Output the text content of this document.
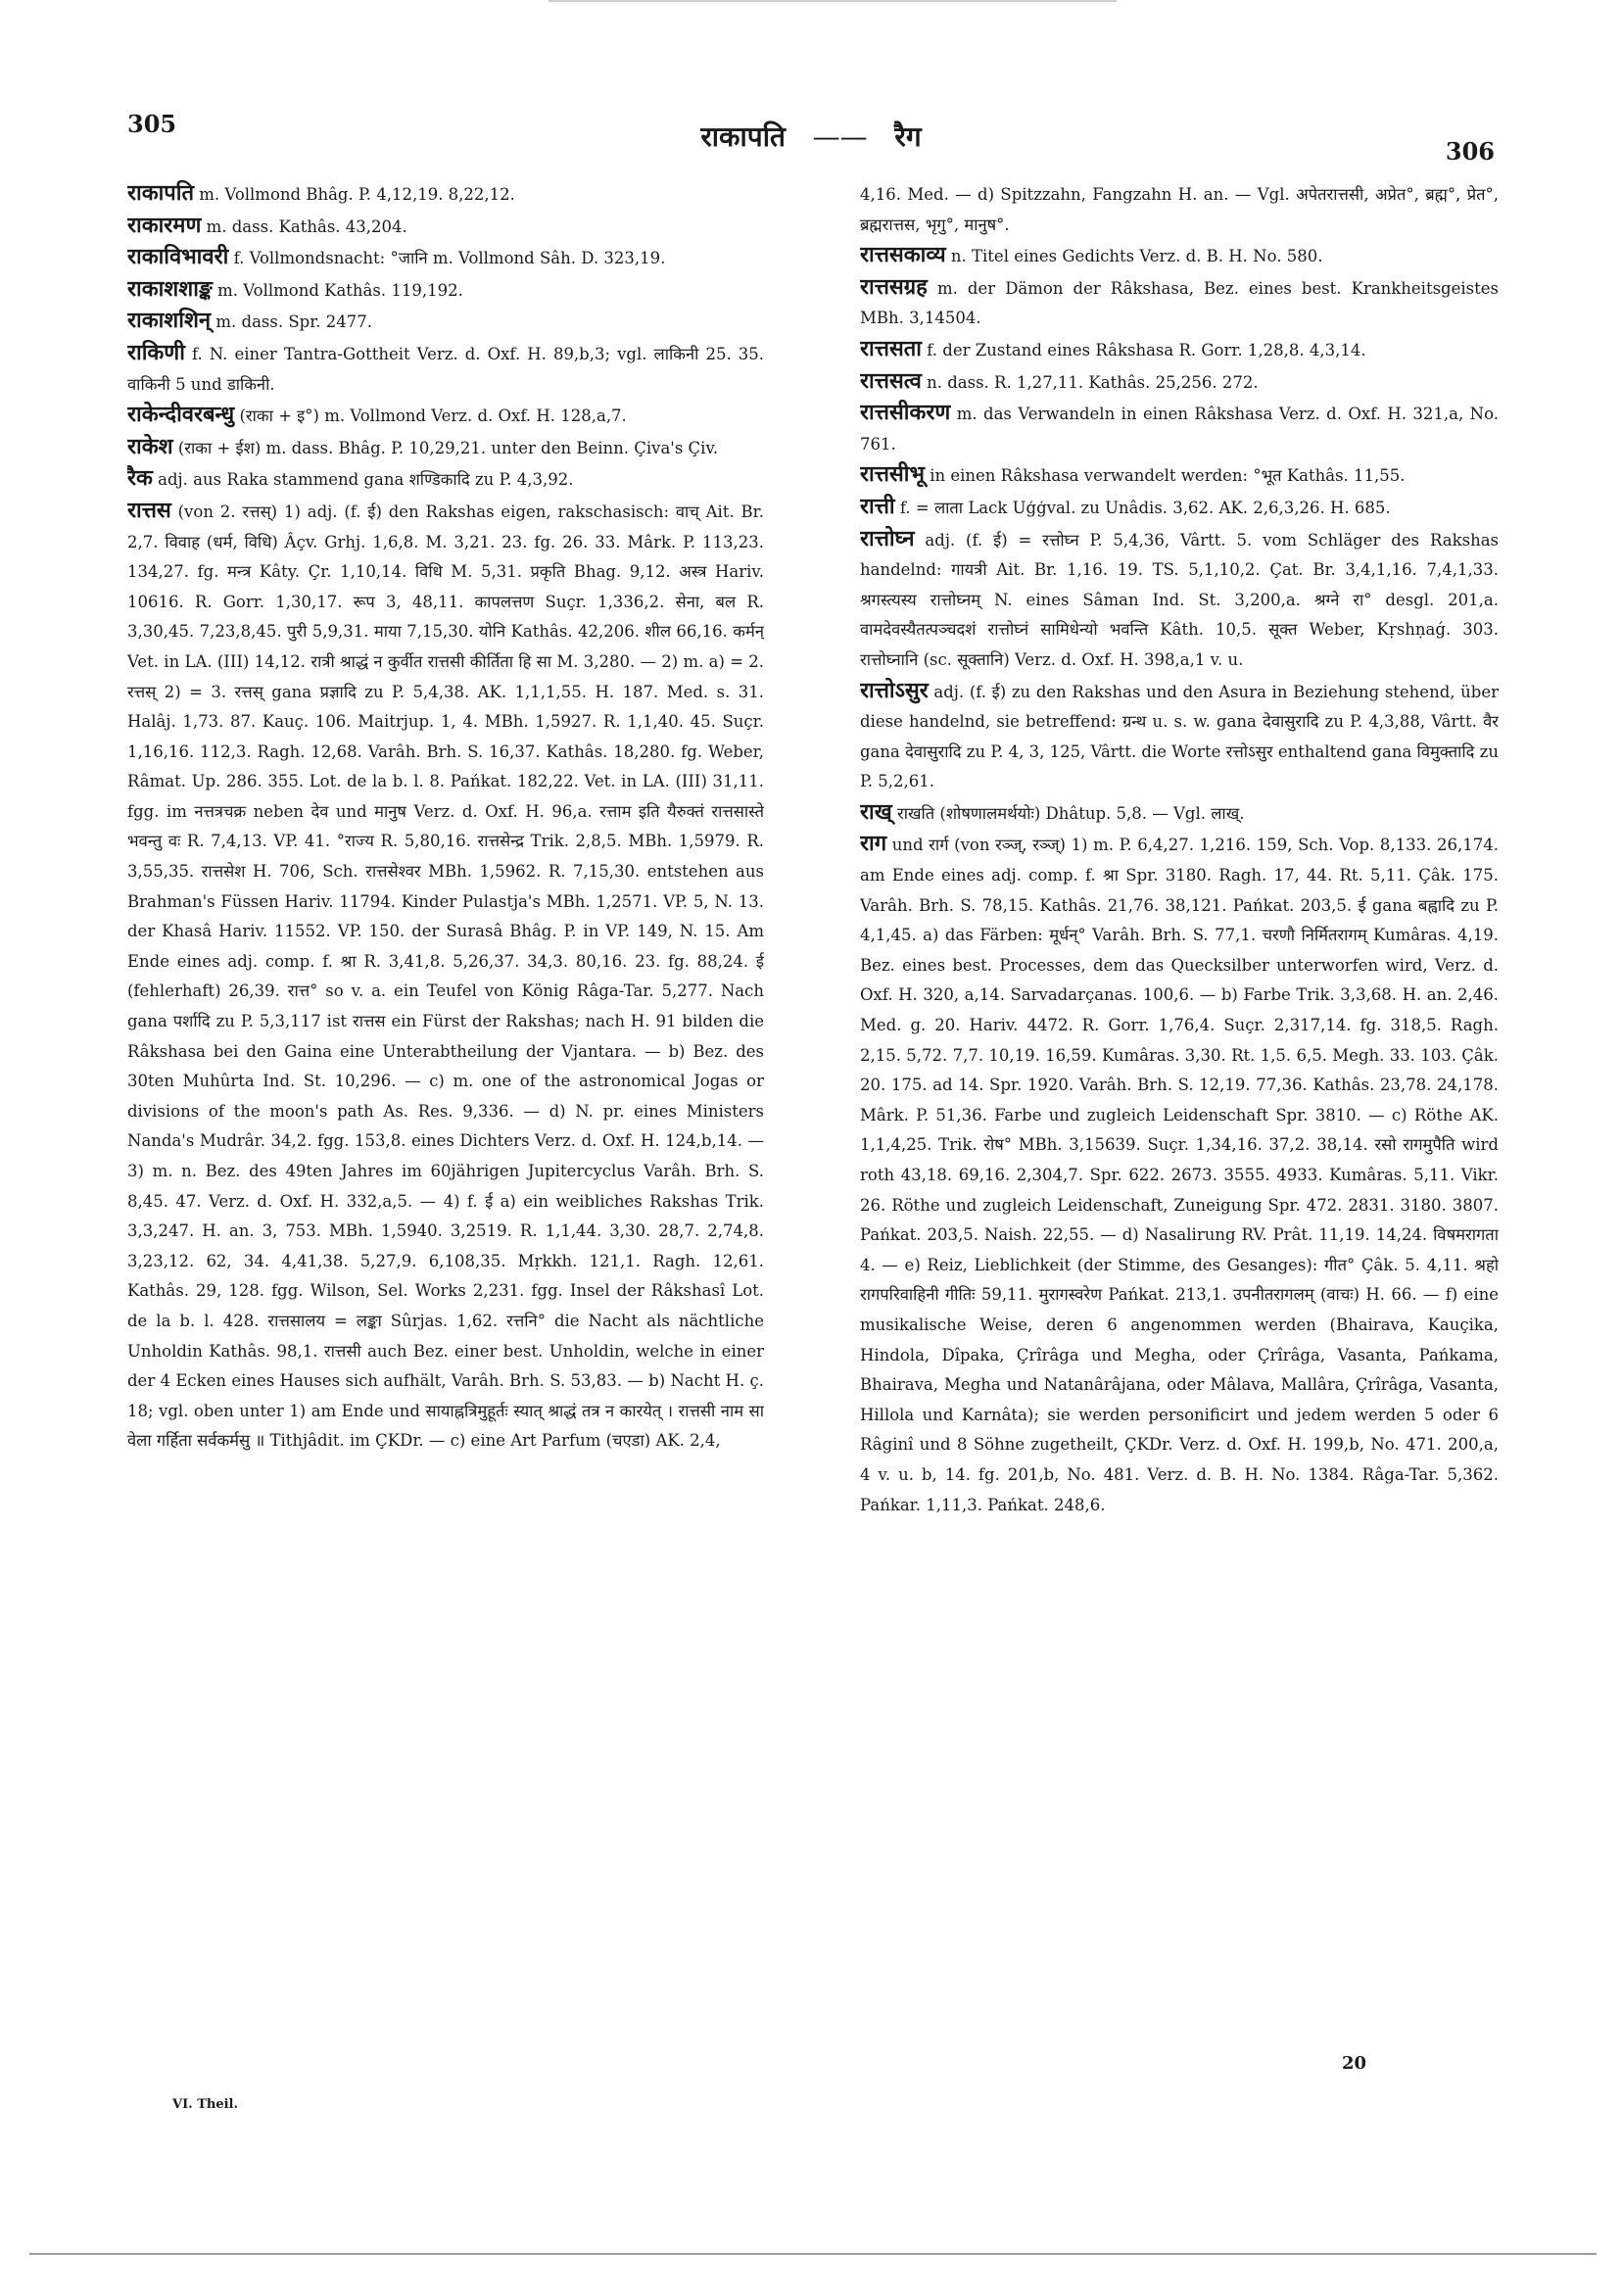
305	राकापति —— रैग	306

राकापति m. Vollmond Bhâg. P. 4,12,19. 8,22,12.

राकारमण m. dass. Kathâs. 43,204.

राकाविभावरी f. Vollmondsnacht: °जानि m. Vollmond Sâh. D. 323,19.

राकाशशाङ्क m. Vollmond Kathâs. 119,192.

राकाशशिन् m. dass. Spr. 2477.

राकिणी f. N. einer Tantra-Gottheit Verz. d. Oxf. H. 89,b,3; vgl. लाकिनी 25. 35. वाकिनी 5 und डाकिनी.

राकेन्दीवरबन्धु (राका + इ°) m. Vollmond Verz. d. Oxf. H. 128,a,7.

राकेश (राका + ईश) m. dass. Bhâg. P. 10,29,21. unter den Beinn. Çiva's Çiv.

रैक adj. aus Raka stammend gana शण्डिकादि zu P. 4,3,92.

रात्तस (von 2. रत्तस्) 1) adj. (f. ई) den Rakshas eigen, rakschasisch: वाच् Ait. Br. 2,7. विवाह (धर्म, विधि) Âçv. Grhj. 1,6,8. M. 3,21. 23. fg. 26. 33. Mârk. P. 113,23. 134,27. fg. मन्त्र Kâty. Çr. 1,10,14. विधि M. 5,31. प्रकृति Bhag. 9,12. अस्त्र Hariv. 10616. R. Gorr. 1,30,17. रूप 3, 48,11. कापलत्तण Suçr. 1,336,2. सेना, बल R. 3,30,45. 7,23,8,45. पुरी 5,9,31. माया 7,15,30. योनि Kathâs. 42,206. शील 66,16. कर्मन् Vet. in LA. (III) 14,12. रात्री श्राद्धं न कुर्वीत रात्तसी कीर्तिता हि सा M. 3,280. — 2) m. a) = 2. रत्तस् 2) = 3. रत्तस् gana प्रज्ञादि zu P. 5,4,38. AK. 1,1,1,55. H. 187. Med. s. 31. Halâj. 1,73. 87. Kauç. 106. Maitrjup. 1, 4. MBh. 1,5927. R. 1,1,40. 45. Suçr. 1,16,16. 112,3. Ragh. 12,68. Varâh. Brh. S. 16,37. Kathâs. 18,280. fg. Weber, Râmat. Up. 286. 355. Lot. de la b. l. 8. Pańkat. 182,22. Vet. in LA. (III) 31,11. fgg. im नत्तत्रचक्र neben देव und मानुष Verz. d. Oxf. H. 96,a. रत्ताम इति यैरुक्तं रात्तसास्ते भवन्तु वः R. 7,4,13. VP. 41. °राज्य R. 5,80,16. रात्तसेन्द्र Trik. 2,8,5. MBh. 1,5979. R. 3,55,35. रात्तसेश H. 706, Sch. रात्तसेश्वर MBh. 1,5962. R. 7,15,30. entstehen aus Brahman's Füssen Hariv. 11794. Kinder Pulastja's MBh. 1,2571. VP. 5, N. 13. der Khasâ Hariv. 11552. VP. 150. der Surasâ Bhâg. P. in VP. 149, N. 15. Am Ende eines adj. comp. f. श्रा R. 3,41,8. 5,26,37. 34,3. 80,16. 23. fg. 88,24. ई (fehlerhaft) 26,39. रात्त° so v. a. ein Teufel von König Râga-Tar. 5,277. Nach gana पर्शादि zu P. 5,3,117 ist रात्तस ein Fürst der Rakshas; nach H. 91 bilden die Râkshasa bei den Gaina eine Unterabtheilung der Vjantara. — b) Bez. des 30ten Muhûrta Ind. St. 10,296. — c) m. one of the astronomical Jogas or divisions of the moon's path As. Res. 9,336. — d) N. pr. eines Ministers Nanda's Mudrâr. 34,2. fgg. 153,8. eines Dichters Verz. d. Oxf. H. 124,b,14. — 3) m. n. Bez. des 49ten Jahres im 60jährigen Jupitercyclus Varâh. Brh. S. 8,45. 47. Verz. d. Oxf. H. 332,a,5. — 4) f. ई a) ein weibliches Rakshas Trik. 3,3,247. H. an. 3, 753. MBh. 1,5940. 3,2519. R. 1,1,44. 3,30. 28,7. 2,74,8. 3,23,12. 62, 34. 4,41,38. 5,27,9. 6,108,35. Mṛkkh. 121,1. Ragh. 12,61. Kathâs. 29, 128. fgg. Wilson, Sel. Works 2,231. fgg. Insel der Râkshasî Lot. de la b. l. 428. रात्तसालय = लङ्का Sûrjas. 1,62. रत्तनि° die Nacht als nächtliche Unholdin Kathâs. 98,1. रात्तसी auch Bez. einer best. Unholdin, welche in einer der 4 Ecken eines Hauses sich aufhält, Varâh. Brh. S. 53,83. — b) Nacht H. ç. 18; vgl. oben unter 1) am Ende und सायाह्नत्रिमुहूर्तः स्यात् श्राद्धं तत्र न कारयेत् । रात्तसी नाम सा वेला गर्हिता सर्वकर्मसु ॥ Tithjâdit. im ÇKDr. — c) eine Art Parfum (चएडा) AK. 2,4,

4,16. Med. — d) Spitzzahn, Fangzahn H. an. — Vgl. अपेतरात्तसी, अप्रेत°, ब्रह्म°, प्रेत°, ब्रह्मरात्तस, भृगु°, मानुष°.

रात्तसकाव्य n. Titel eines Gedichts Verz. d. B. H. No. 580.

रात्तसग्रह m. der Dämon der Râkshasa, Bez. eines best. Krankheitsgeistes MBh. 3,14504.

रात्तसता f. der Zustand eines Râkshasa R. Gorr. 1,28,8. 4,3,14.

रात्तसत्व n. dass. R. 1,27,11. Kathâs. 25,256. 272.

रात्तसीकरण m. das Verwandeln in einen Râkshasa Verz. d. Oxf. H. 321,a, No. 761.

रात्तसीभू in einen Râkshasa verwandelt werden: °भूत Kathâs. 11,55.

रात्ती f. = लाता Lack Uģģval. zu Unâdis. 3,62. AK. 2,6,3,26. H. 685.

रात्तोघ्न adj. (f. ई) = रत्तोघ्न P. 5,4,36, Vârtt. 5. vom Schläger des Rakshas handelnd: गायत्री Ait. Br. 1,16. 19. TS. 5,1,10,2. Çat. Br. 3,4,1,16. 7,4,1,33. श्रगस्त्यस्य रात्तोघ्नम् N. eines Sâman Ind. St. 3,200,a. श्रग्ने रा° desgl. 201,a. वामदेवस्यैतत्पञ्चदशं रात्तोघ्नं सामिधेन्यो भवन्ति Kâth. 10,5. सूक्त Weber, Kṛshṇaǵ. 303. रात्तोघ्नानि (sc. सूक्तानि) Verz. d. Oxf. H. 398,a,1 v. u.

रात्तोऽसुर adj. (f. ई) zu den Rakshas und den Asura in Beziehung stehend, über diese handelnd, sie betreffend: ग्रन्थ u. s. w. gana देवासुरादि zu P. 4,3,88, Vârtt. वैर gana देवासुरादि zu P. 4, 3, 125, Vârtt. die Worte रत्तोऽसुर enthaltend gana विमुक्तादि zu P. 5,2,61.

राख् राखति (शोषणालमर्थयोः) Dhâtup. 5,8. — Vgl. लाख्.

राग und रार्ग (von रञ्ज्, रञ्ज्) 1) m. P. 6,4,27. 1,216. 159, Sch. Vop. 8,133. 26,174. am Ende eines adj. comp. f. श्रा Spr. 3180. Ragh. 17, 44. Rt. 5,11. Çâk. 175. Varâh. Brh. S. 78,15. Kathâs. 21,76. 38,121. Pańkat. 203,5. ई gana बह्वादि zu P. 4,1,45. a) das Färben: मूर्धन्° Varâh. Brh. S. 77,1. चरणौ निर्मितरागम् Kumâras. 4,19. Bez. eines best. Processes, dem das Quecksilber unterworfen wird, Verz. d. Oxf. H. 320, a,14. Sarvadarçanas. 100,6. — b) Farbe Trik. 3,3,68. H. an. 2,46. Med. g. 20. Hariv. 4472. R. Gorr. 1,76,4. Suçr. 2,317,14. fg. 318,5. Ragh. 2,15. 5,72. 7,7. 10,19. 16,59. Kumâras. 3,30. Rt. 1,5. 6,5. Megh. 33. 103. Çâk. 20. 175. ad 14. Spr. 1920. Varâh. Brh. S. 12,19. 77,36. Kathâs. 23,78. 24,178. Mârk. P. 51,36. Farbe und zugleich Leidenschaft Spr. 3810. — c) Röthe AK. 1,1,4,25. Trik. रोष° MBh. 3,15639. Suçr. 1,34,16. 37,2. 38,14. रसो रागमुपैति wird roth 43,18. 69,16. 2,304,7. Spr. 622. 2673. 3555. 4933. Kumâras. 5,11. Vikr. 26. Röthe und zugleich Leidenschaft, Zuneigung Spr. 472. 2831. 3180. 3807. Pańkat. 203,5. Naish. 22,55. — d) Nasalirung RV. Prât. 11,19. 14,24. विषमरागता 4. — e) Reiz, Lieblichkeit (der Stimme, des Gesanges): गीत° Çâk. 5. 4,11. श्रहो रागपरिवाहिनी गीतिः 59,11. मुरागस्वरेण Pańkat. 213,1. उपनीतरागलम् (वाचः) H. 66. — f) eine musikalische Weise, deren 6 angenommen werden (Bhairava, Kauçika, Hindola, Dîpaka, Çrîrâga und Megha, oder Çrîrâga, Vasanta, Pańkama, Bhairava, Megha und Natanârâjana, oder Mâlava, Mallâra, Çrîrâga, Vasanta, Hillola und Karnâta); sie werden personificirt und jedem werden 5 oder 6 Râginî und 8 Söhne zugetheilt, ÇKDr. Verz. d. Oxf. H. 199,b, No. 471. 200,a, 4 v. u. b, 14. fg. 201,b, No. 481. Verz. d. B. H. No. 1384. Râga-Tar. 5,362. Pańkar. 1,11,3. Pańkat. 248,6.

VI. Theil.
20
